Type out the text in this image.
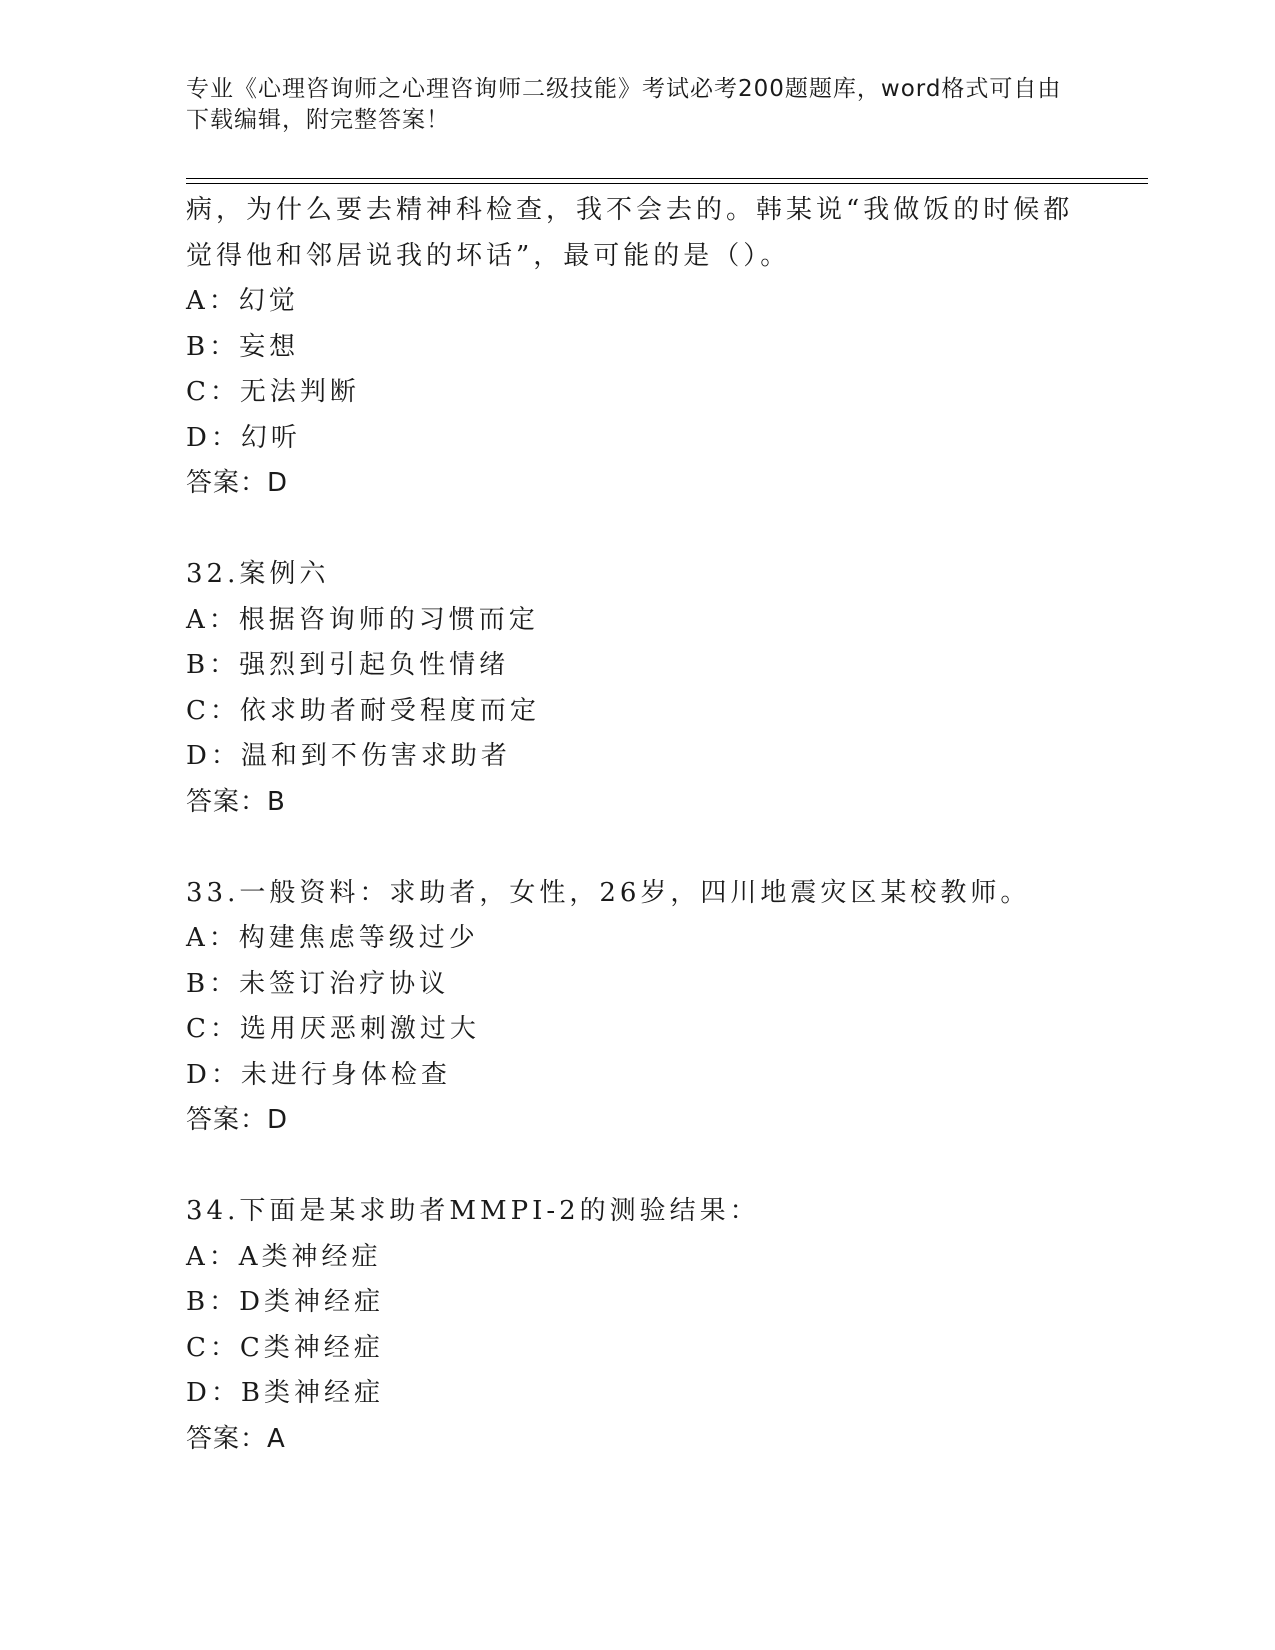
专业《心理咨询师之心理咨询师二级技能》考试必考200题题库，word格式可自由下载编辑，附完整答案！
病，为什么要去精神科检查，我不会去的。韩某说“我做饭的时候都
觉得他和邻居说我的坏话”，最可能的是（）。
A：幻觉
B：妄想
C：无法判断
D：幻听
答案：D
32.案例六
A：根据咨询师的习惯而定
B：强烈到引起负性情绪
C：依求助者耐受程度而定
D：温和到不伤害求助者
答案：B
33.一般资料：求助者，女性，26岁，四川地震灾区某校教师。
A：构建焦虑等级过少
B：未签订治疗协议
C：选用厌恶刺激过大
D：未进行身体检查
答案：D
34.下面是某求助者MMPI-2的测验结果：
A：A类神经症
B：D类神经症
C：C类神经症
D：B类神经症
答案：A
